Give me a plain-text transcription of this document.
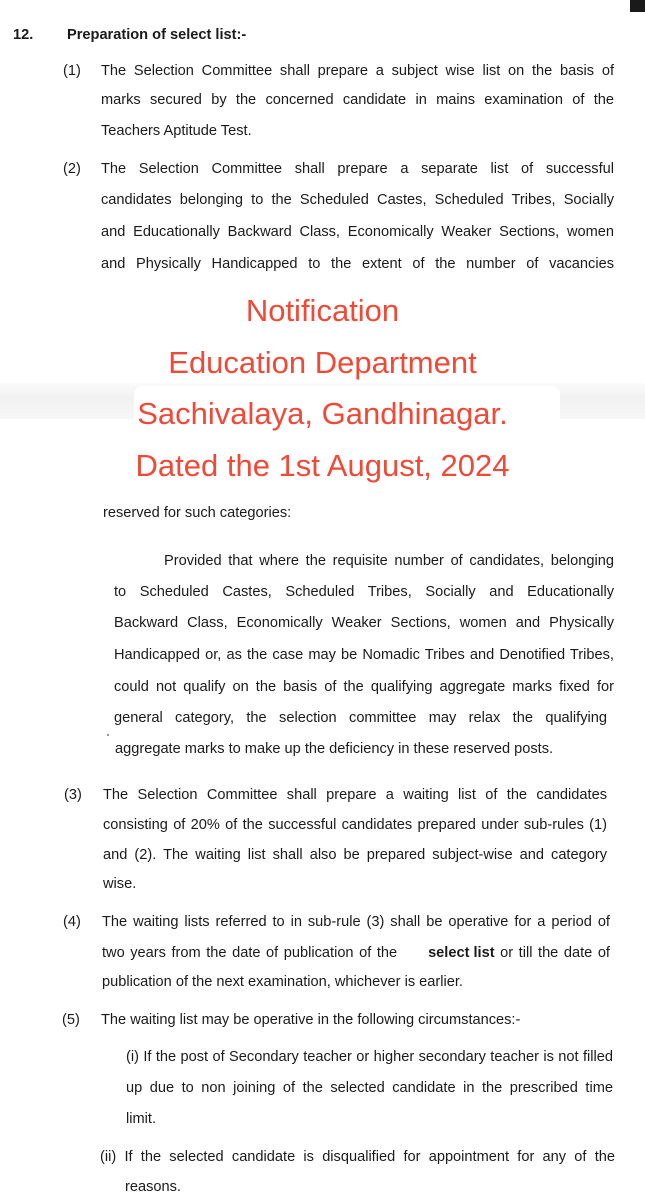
12. Preparation of select list:-
(1) The Selection Committee shall prepare a subject wise list on the basis of
marks secured by the concerned candidate in mains examination of the
Teachers Aptitude Test.
(2) The Selection Committee shall prepare a separate list of successful
candidates belonging to the Scheduled Castes, Scheduled Tribes, Socially
and Educationally Backward Class, Economically Weaker Sections, women
and Physically Handicapped to the extent of the number of vacancies
Notification
Education Department
Sachivalaya, Gandhinagar.
Dated the 1st August, 2024
reserved for such categories:
Provided that where the requisite number of candidates, belonging
to Scheduled Castes, Scheduled Tribes, Socially and Educationally
Backward Class, Economically Weaker Sections, women and Physically
Handicapped or, as the case may be Nomadic Tribes and Denotified Tribes,
could not qualify on the basis of the qualifying aggregate marks fixed for
general category, the selection committee may relax the qualifying
aggregate marks to make up the deficiency in these reserved posts.
(3) The Selection Committee shall prepare a waiting list of the candidates
consisting of 20% of the successful candidates prepared under sub-rules (1)
and (2). The waiting list shall also be prepared subject-wise and category
wise.
(4) The waiting lists referred to in sub-rule (3) shall be operative for a period of
two years from the date of publication of the select list or till the date of
publication of the next examination, whichever is earlier.
(5) The waiting list may be operative in the following circumstances:-
(i) If the post of Secondary teacher or higher secondary teacher is not filled
up due to non joining of the selected candidate in the prescribed time
limit.
(ii) If the selected candidate is disqualified for appointment for any of the
reasons.
